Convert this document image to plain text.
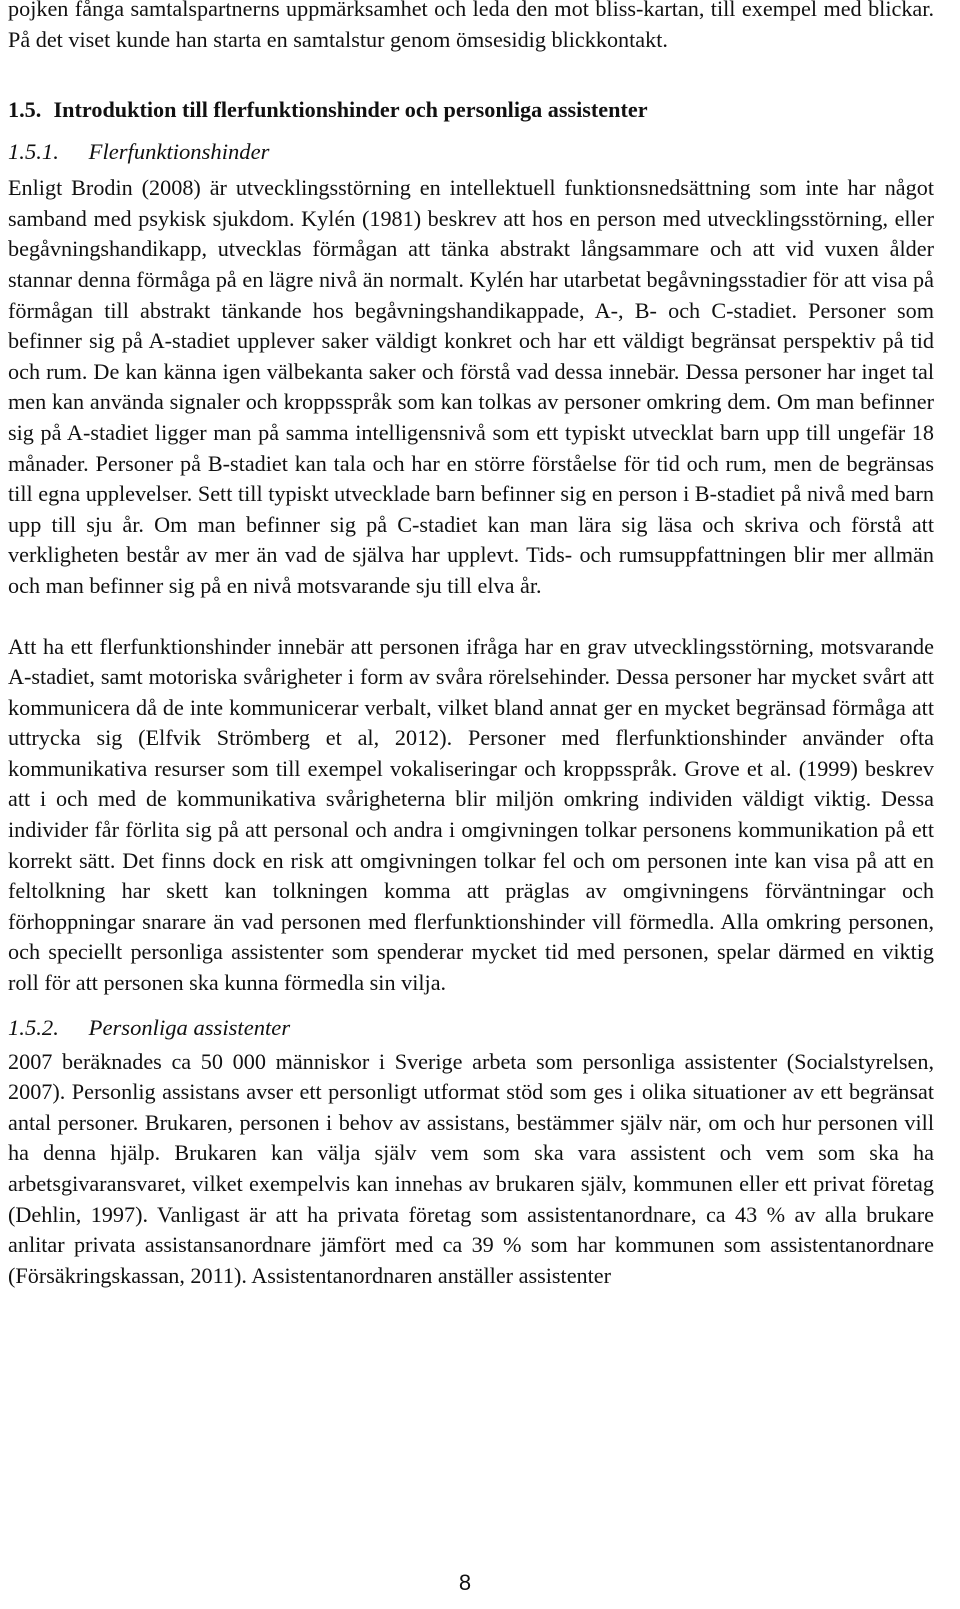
pojken fånga samtalspartnerns uppmärksamhet och leda den mot bliss-kartan, till exempel med blickar. På det viset kunde han starta en samtalstur genom ömsesidig blickkontakt.

1.5. Introduktion till flerfunktionshinder och personliga assistenter
1.5.1. Flerfunktionshinder

Enligt Brodin (2008) är utvecklingsstörning en intellektuell funktionsnedsättning som inte har något samband med psykisk sjukdom. Kylén (1981) beskrev att hos en person med utvecklingsstörning, eller begåvningshandikapp, utvecklas förmågan att tänka abstrakt långsammare och att vid vuxen ålder stannar denna förmåga på en lägre nivå än normalt. Kylén har utarbetat begåvningsstadier för att visa på förmågan till abstrakt tänkande hos begåvningshandikappade, A-, B- och C-stadiet. Personer som befinner sig på A-stadiet upplever saker väldigt konkret och har ett väldigt begränsat perspektiv på tid och rum. De kan känna igen välbekanta saker och förstå vad dessa innebär. Dessa personer har inget tal men kan använda signaler och kroppsspråk som kan tolkas av personer omkring dem. Om man befinner sig på A-stadiet ligger man på samma intelligensnivå som ett typiskt utvecklat barn upp till ungefär 18 månader. Personer på B-stadiet kan tala och har en större förståelse för tid och rum, men de begränsas till egna upplevelser. Sett till typiskt utvecklade barn befinner sig en person i B-stadiet på nivå med barn upp till sju år. Om man befinner sig på C-stadiet kan man lära sig läsa och skriva och förstå att verkligheten består av mer än vad de själva har upplevt. Tids- och rumsuppfattningen blir mer allmän och man befinner sig på en nivå motsvarande sju till elva år.

Att ha ett flerfunktionshinder innebär att personen ifråga har en grav utvecklingsstörning, motsvarande A-stadiet, samt motoriska svårigheter i form av svåra rörelsehinder. Dessa personer har mycket svårt att kommunicera då de inte kommunicerar verbalt, vilket bland annat ger en mycket begränsad förmåga att uttrycka sig (Elfvik Strömberg et al, 2012). Personer med flerfunktionshinder använder ofta kommunikativa resurser som till exempel vokaliseringar och kroppsspråk. Grove et al. (1999) beskrev att i och med de kommunikativa svårigheterna blir miljön omkring individen väldigt viktig. Dessa individer får förlita sig på att personal och andra i omgivningen tolkar personens kommunikation på ett korrekt sätt. Det finns dock en risk att omgivningen tolkar fel och om personen inte kan visa på att en feltolkning har skett kan tolkningen komma att präglas av omgivningens förväntningar och förhoppningar snarare än vad personen med flerfunktionshinder vill förmedla. Alla omkring personen, och speciellt personliga assistenter som spenderar mycket tid med personen, spelar därmed en viktig roll för att personen ska kunna förmedla sin vilja.

1.5.2. Personliga assistenter

2007 beräknades ca 50 000 människor i Sverige arbeta som personliga assistenter (Socialstyrelsen, 2007). Personlig assistans avser ett personligt utformat stöd som ges i olika situationer av ett begränsat antal personer. Brukaren, personen i behov av assistans, bestämmer själv när, om och hur personen vill ha denna hjälp. Brukaren kan välja själv vem som ska vara assistent och vem som ska ha arbetsgivaransvaret, vilket exempelvis kan innehas av brukaren själv, kommunen eller ett privat företag (Dehlin, 1997). Vanligast är att ha privata företag som assistentanordnare, ca 43 % av alla brukare anlitar privata assistansanordnare jämfört med ca 39 % som har kommunen som assistentanordnare (Försäkringskassan, 2011). Assistentanordnaren anställer assistenter

8
